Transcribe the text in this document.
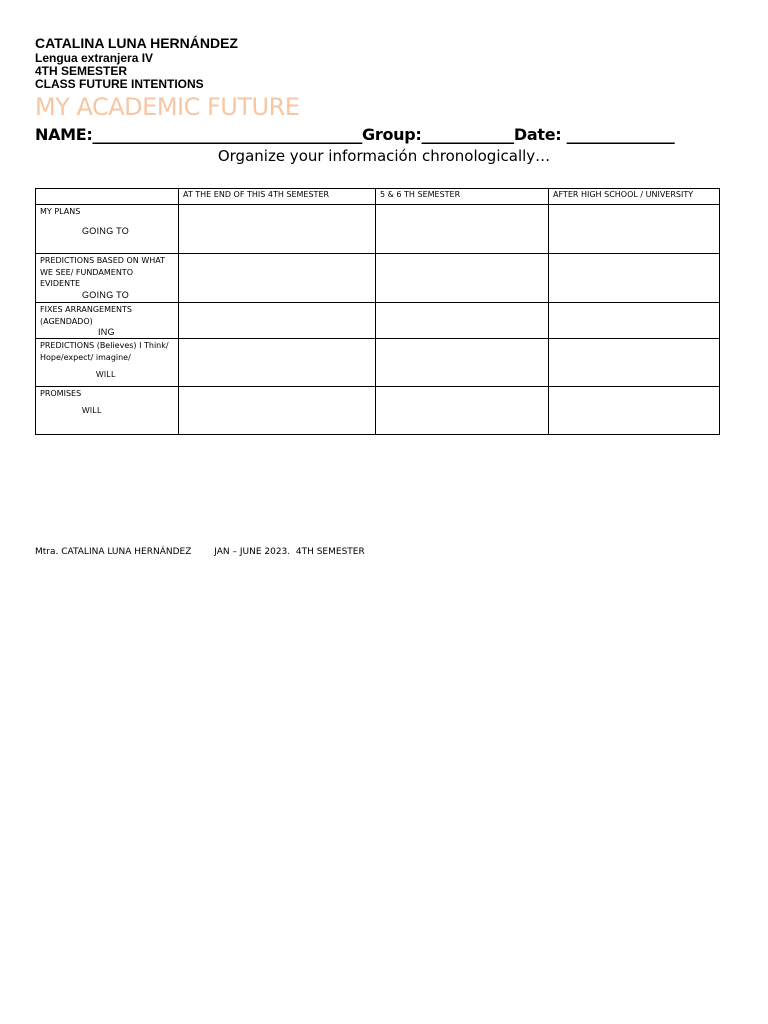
CATALINA LUNA HERNÁNDEZ
Lengua extranjera IV
4TH SEMESTER
CLASS FUTURE INTENTIONS
MY ACADEMIC FUTURE
NAME:___________________________________Group:____________Date: ______________
Organize your información chronologically…
	AT THE END OF THIS 4TH SEMESTER	5 & 6 TH SEMESTER	AFTER HIGH SCHOOL / UNIVERSITY

MY PLANS
GOING TO			

PREDICTIONS BASED ON WHAT WE SEE/ FUNDAMENTO EVIDENTE
GOING TO			

FIXES ARRANGEMENTS (AGENDADO)
ING			

PREDICTIONS (Believes) I Think/ Hope/expect/ imagine/
WILL			

PROMISES
WILL			

Mtra. CATALINA LUNA HERNÁNDEZ        JAN – JUNE 2023.  4TH SEMESTER
